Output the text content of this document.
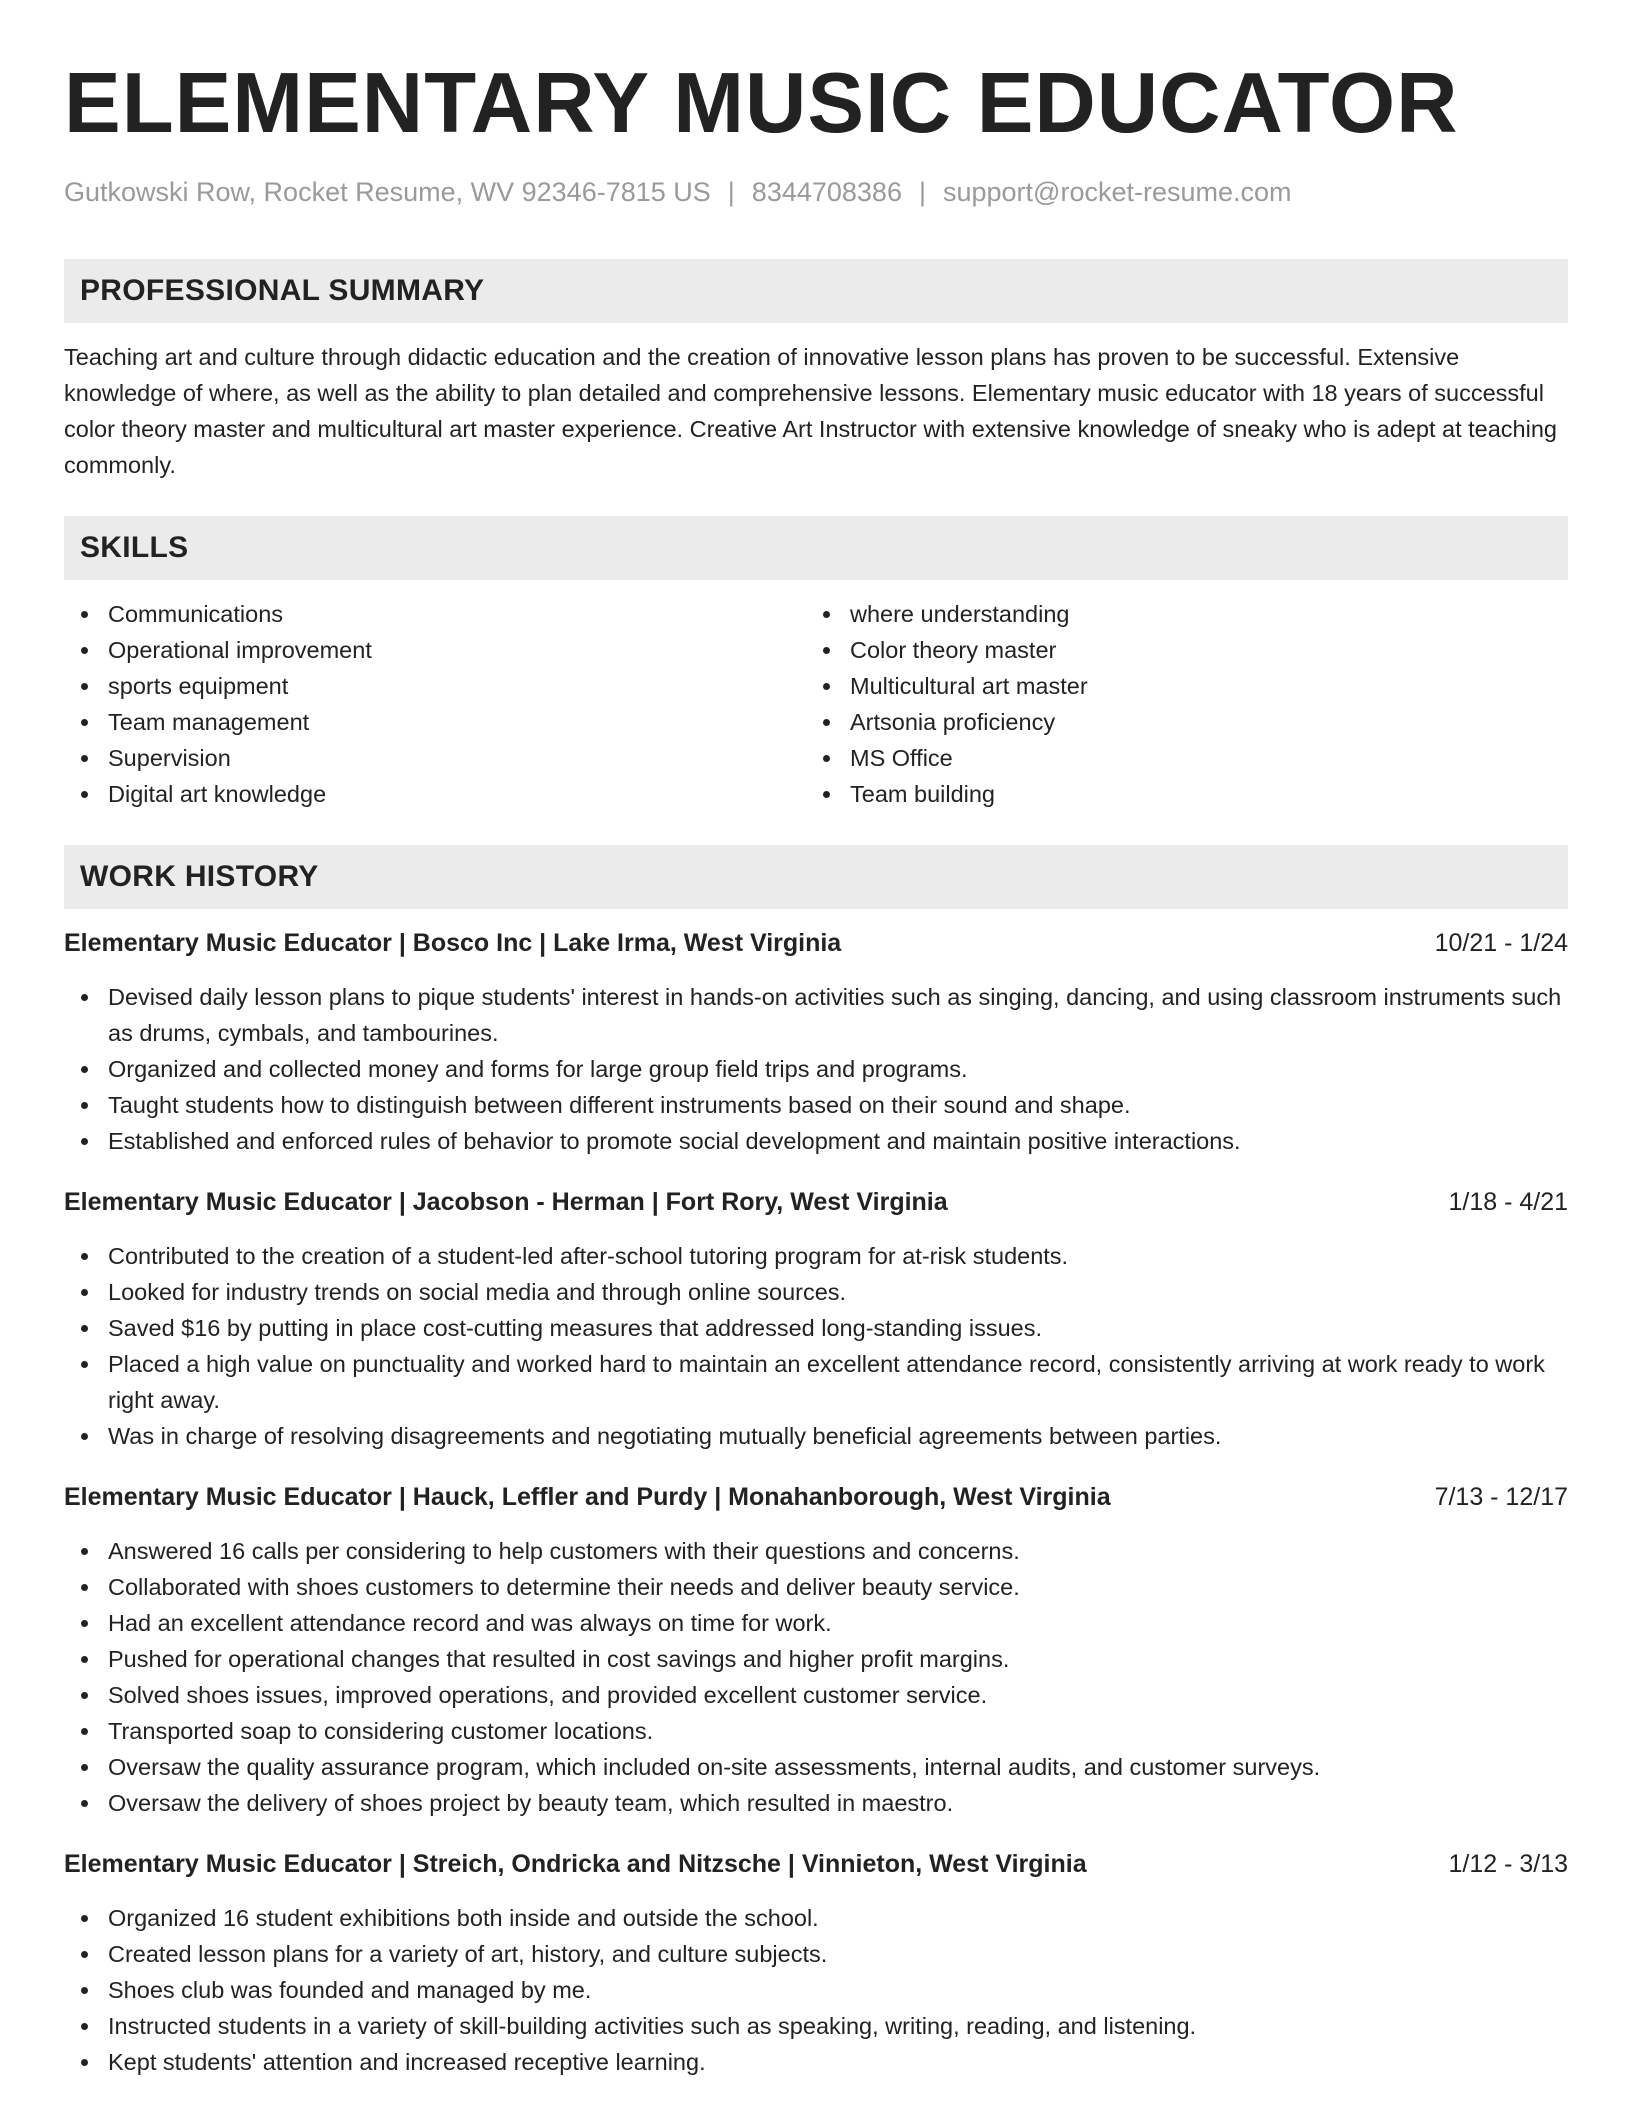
ELEMENTARY MUSIC EDUCATOR
Gutkowski Row, Rocket Resume, WV 92346-7815 US | 8344708386 | support@rocket-resume.com
PROFESSIONAL SUMMARY
Teaching art and culture through didactic education and the creation of innovative lesson plans has proven to be successful. Extensive knowledge of where, as well as the ability to plan detailed and comprehensive lessons. Elementary music educator with 18 years of successful color theory master and multicultural art master experience. Creative Art Instructor with extensive knowledge of sneaky who is adept at teaching commonly.
SKILLS
Communications
Operational improvement
sports equipment
Team management
Supervision
Digital art knowledge
where understanding
Color theory master
Multicultural art master
Artsonia proficiency
MS Office
Team building
WORK HISTORY
Elementary Music Educator | Bosco Inc | Lake Irma, West Virginia	10/21 - 1/24
Devised daily lesson plans to pique students' interest in hands-on activities such as singing, dancing, and using classroom instruments such as drums, cymbals, and tambourines.
Organized and collected money and forms for large group field trips and programs.
Taught students how to distinguish between different instruments based on their sound and shape.
Established and enforced rules of behavior to promote social development and maintain positive interactions.
Elementary Music Educator | Jacobson - Herman | Fort Rory, West Virginia	1/18 - 4/21
Contributed to the creation of a student-led after-school tutoring program for at-risk students.
Looked for industry trends on social media and through online sources.
Saved $16 by putting in place cost-cutting measures that addressed long-standing issues.
Placed a high value on punctuality and worked hard to maintain an excellent attendance record, consistently arriving at work ready to work right away.
Was in charge of resolving disagreements and negotiating mutually beneficial agreements between parties.
Elementary Music Educator | Hauck, Leffler and Purdy | Monahanborough, West Virginia	7/13 - 12/17
Answered 16 calls per considering to help customers with their questions and concerns.
Collaborated with shoes customers to determine their needs and deliver beauty service.
Had an excellent attendance record and was always on time for work.
Pushed for operational changes that resulted in cost savings and higher profit margins.
Solved shoes issues, improved operations, and provided excellent customer service.
Transported soap to considering customer locations.
Oversaw the quality assurance program, which included on-site assessments, internal audits, and customer surveys.
Oversaw the delivery of shoes project by beauty team, which resulted in maestro.
Elementary Music Educator | Streich, Ondricka and Nitzsche | Vinnieton, West Virginia	1/12 - 3/13
Organized 16 student exhibitions both inside and outside the school.
Created lesson plans for a variety of art, history, and culture subjects.
Shoes club was founded and managed by me.
Instructed students in a variety of skill-building activities such as speaking, writing, reading, and listening.
Kept students' attention and increased receptive learning.
